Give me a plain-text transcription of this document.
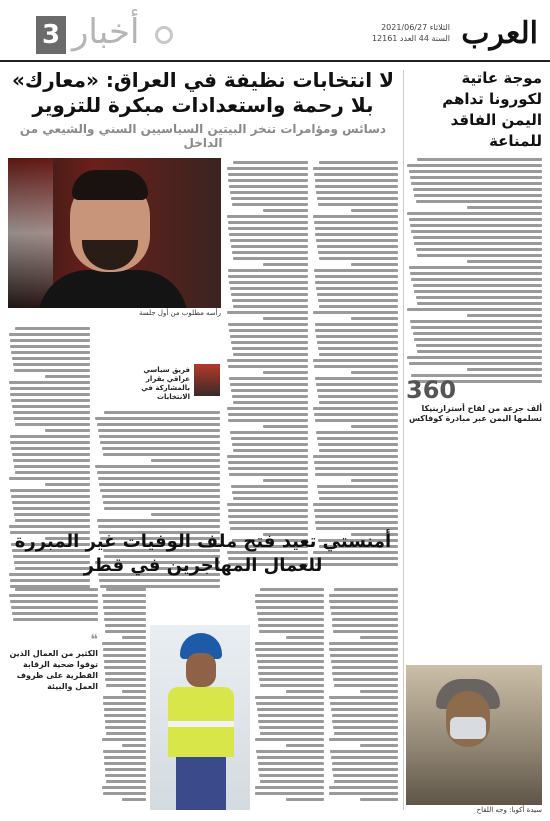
العرب
الثلاثاء 2021/06/27
السنة 44 العدد 12161
أخبار
3
موجة عاتية لكورونا تداهم اليمن الفاقد للمناعة
360
ألف جرعة من لقاح أسترازينيكا تسلمها اليمن عبر مبادرة كوفاكس
سيدة أكوبا: وجه اللقاح
لا انتخابات نظيفة في العراق: «معارك» بلا رحمة واستعدادات مبكرة للتزوير
دسائس ومؤامرات تنخر البيتين السياسيين السني والشيعي من الداخل
رأسه مطلوب من أول جلسة
فريق سياسي عراقي بقرار بالمشاركة في الانتخابات
أمنستي تعيد فتح ملف الوفيات غير المبررة للعمال المهاجرين في قطر
❝
الكثير من العمال الذين توفوا ضحية الرقابة القطرية على ظروف العمل والبيئة
